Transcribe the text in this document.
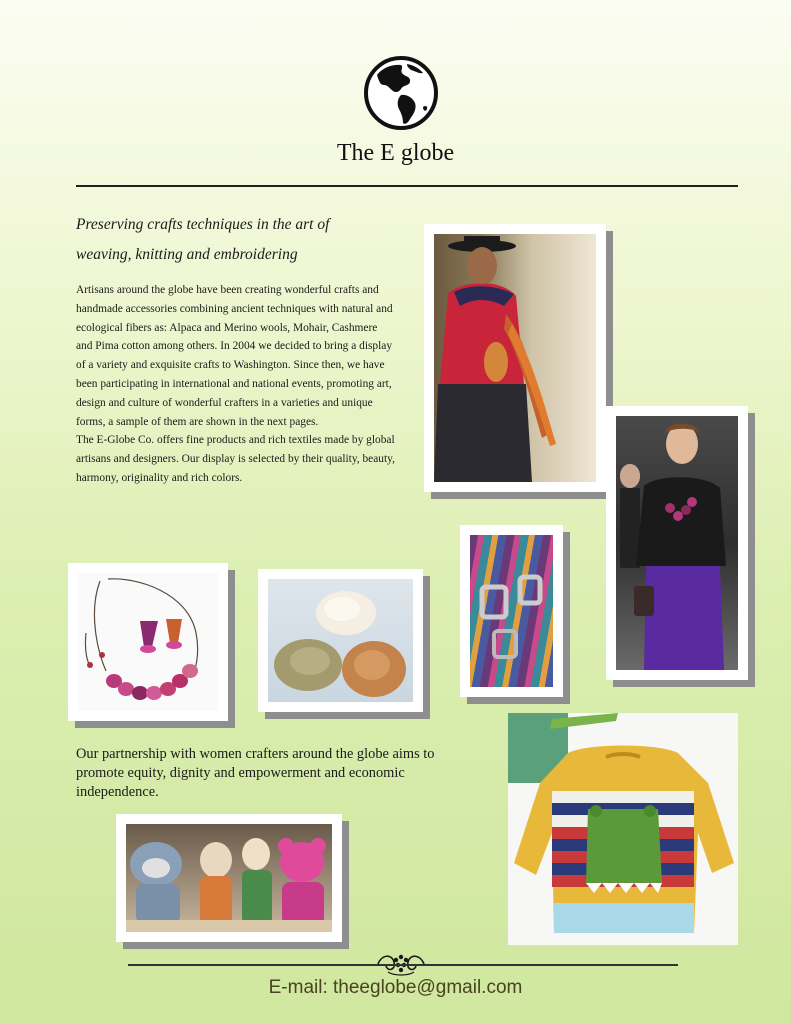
The E globe
Preserving crafts techniques in the art of
weaving, knitting and embroidering
Artisans around the globe have been creating wonderful crafts and handmade accessories combining ancient techniques with natural and ecological fibers as: Alpaca and Merino wools, Mohair, Cashmere and Pima cotton among others. In 2004 we decided to bring a display of a variety and exquisite crafts to Washington. Since then, we have been participating in international and national events, promoting art, design and culture of wonderful crafters in a varieties and unique forms, a sample of them are shown in the next pages.
The E-Globe Co. offers fine products and rich textiles made by global artisans and designers. Our display is selected by their quality, beauty, harmony, originality and rich colors.
Our partnership with women crafters around the globe aims to promote equity, dignity and empowerment and economic independence.
E-mail: theeglobe@gmail.com
